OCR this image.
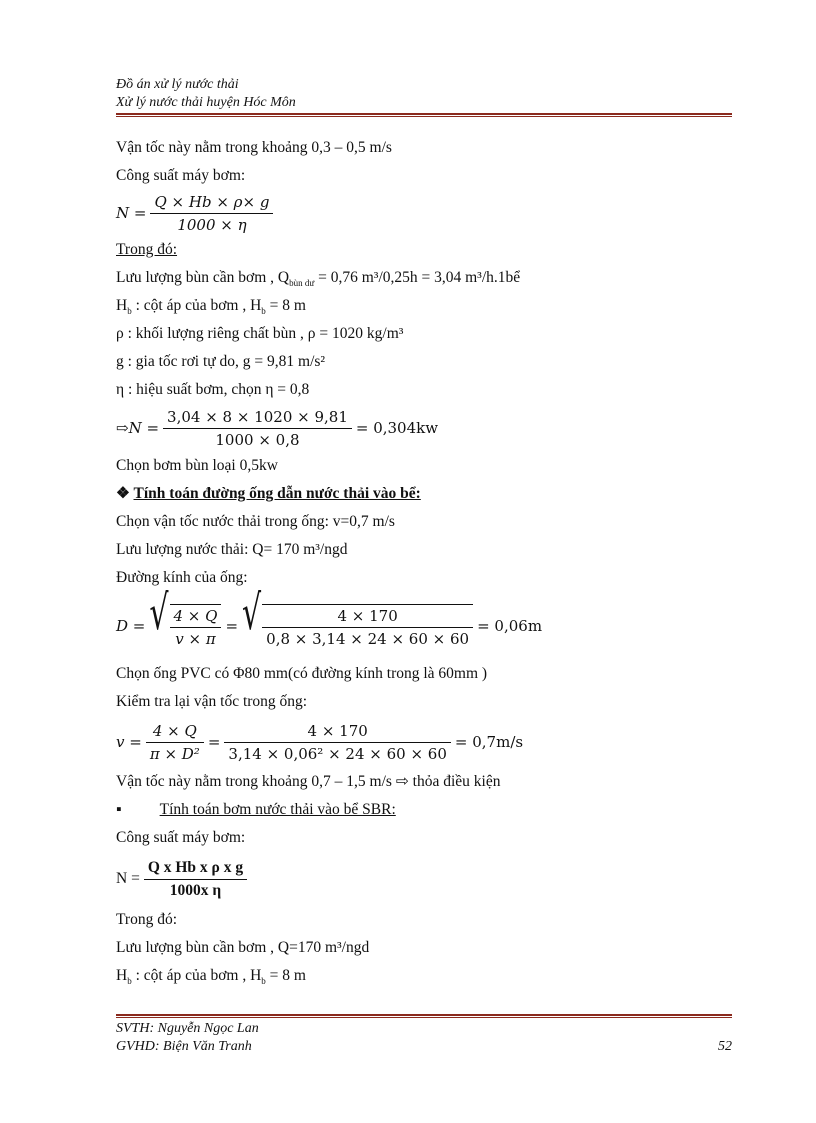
Đồ án xử lý nước thải
Xử lý nước thải huyện Hóc Môn
Vận tốc này nằm trong khoảng 0,3 – 0,5 m/s
Công suất máy bơm:
$N = \frac{Q \times Hb \times \rho\times g}{1000 \times \eta}$
Trong đó:
Lưu lượng bùn cần bơm , $Q_{bùn dư} = 0,76$ m³/0,25h = 3,04 m³/h.1bể
$H_b$ : cột áp của bơm , $H_b = 8$ m
ρ : khối lượng riêng chất bùn , ρ = 1020 kg/m³
g : gia tốc rơi tự do, g = 9,81 m/s²
η : hiệu suất bơm, chọn η = 0,8
⇨N = $\frac{3,04 \times 8 \times 1020 \times 9,81}{1000 \times 0,8} = 0,304kw$
Chọn bơm bùn loại 0,5kw
❖ Tính toán đường ống dẫn nước thải vào bể:
Chọn vận tốc nước thải trong ống: v=0,7 m/s
Lưu lượng nước thải: Q= 170 m³/ngd
Đường kính của ống:
D = √ $\frac{4 \times Q}{v \times \pi}$ = √ $\frac{4 \times 170}{0,8 \times 3,14 \times 24 \times 60 \times 60} = 0,06m$
Chọn ống PVC có Φ80 mm(có đường kính trong là 60mm )
Kiểm tra lại vận tốc trong ống:
$v = \frac{4 \times Q}{\text{π × D²}} = \frac{4 \times 170}{\text{3,14 × 0,06² × 24 × 60 × 60}} = 0,7m/s$
Vận tốc này nằm trong khoảng 0,7 – 1,5 m/s ⇨ thỏa điều kiện
▪ Tính toán bơm nước thải vào bể SBR:
Công suất máy bơm:
$N = \frac{\text{Q x Hb x ρ x g}}{\text{1000x η}}$
Trong đó:
Lưu lượng bùn cần bơm , Q=170 m³/ngd
$H_b$ : cột áp của bơm , $H_b = 8$ m
SVTH: Nguyễn Ngọc Lan
GVHD: Biện Văn Tranh	52
